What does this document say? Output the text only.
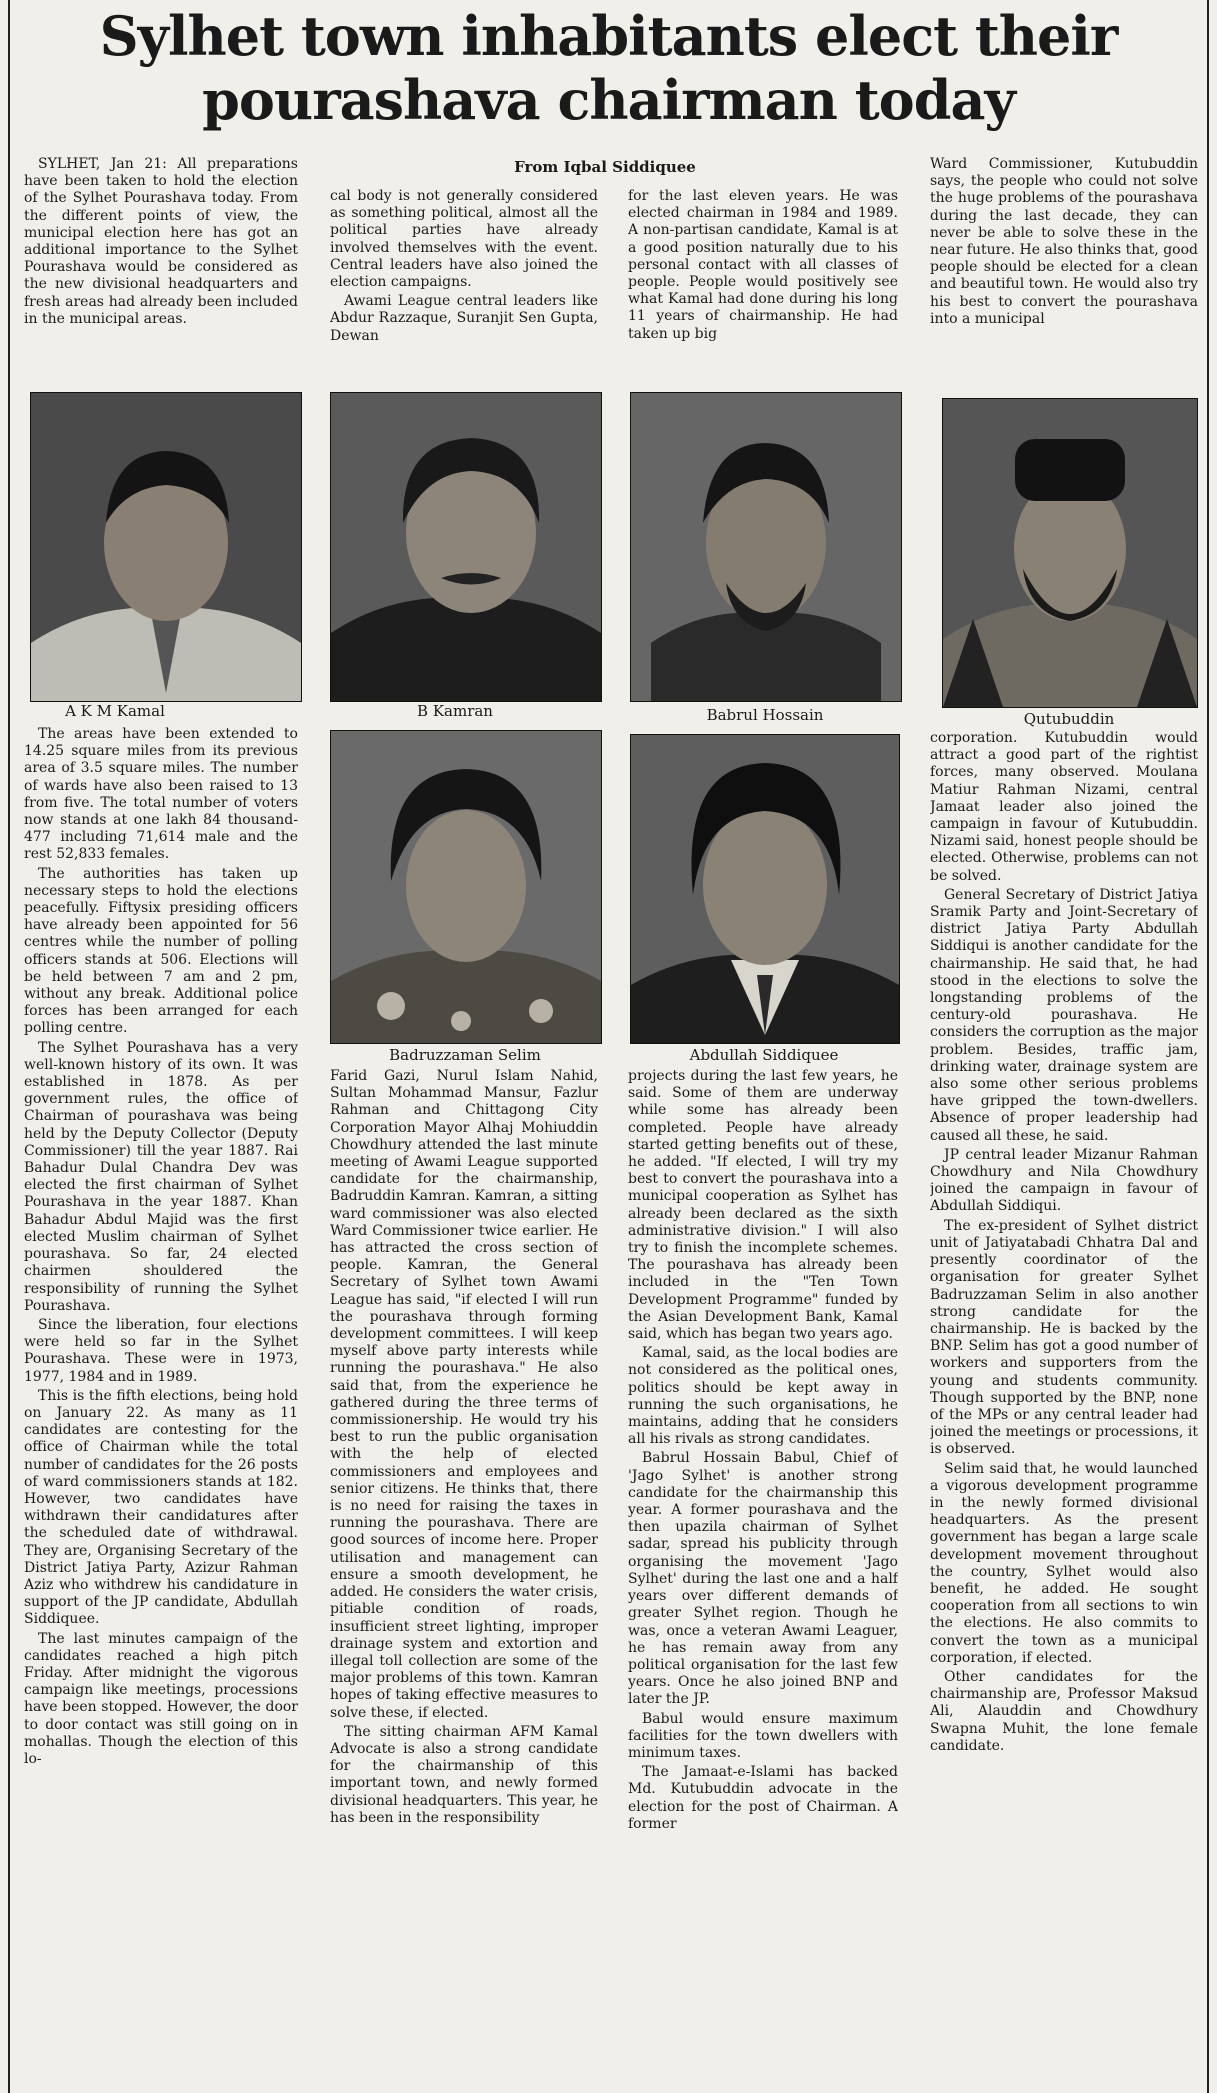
Sylhet town inhabitants elect their pourashava chairman today
From Iqbal Siddiquee

SYLHET, Jan 21: All preparations have been taken to hold the election of the Sylhet Pourashava today. From the different points of view, the municipal election here has got an additional importance to the Sylhet Pourashava would be considered as the new divisional headquarters and fresh areas had already been included in the municipal areas.

cal body is not generally considered as something political, almost all the political parties have already involved themselves with the event. Central leaders have also joined the election campaigns.

Awami League central leaders like Abdur Razzaque, Suranjit Sen Gupta, Dewan

for the last eleven years. He was elected chairman in 1984 and 1989. A non-partisan candidate, Kamal is at a good position naturally due to his personal contact with all classes of people. People would positively see what Kamal had done during his long 11 years of chairmanship. He had taken up big

Ward Commissioner, Kutubuddin says, the people who could not solve the huge problems of the pourashava during the last decade, they can never be able to solve these in the near future. He also thinks that, good people should be elected for a clean and beautiful town. He would also try his best to convert the pourashava into a municipal

A K M Kamal	B Kamran	Babrul Hossain	Qutubuddin
Badruzzaman Selim	Abdullah Siddiquee

The areas have been extended to 14.25 square miles from its previous area of 3.5 square miles. The number of wards have also been raised to 13 from five. The total number of voters now stands at one lakh 84 thousand-477 including 71,614 male and the rest 52,833 females.

The authorities has taken up necessary steps to hold the elections peacefully. Fiftysix presiding officers have already been appointed for 56 centres while the number of polling officers stands at 506. Elections will be held between 7 am and 2 pm, without any break. Additional police forces has been arranged for each polling centre.

The Sylhet Pourashava has a very well-known history of its own. It was established in 1878. As per government rules, the office of Chairman of pourashava was being held by the Deputy Collector (Deputy Commissioner) till the year 1887. Rai Bahadur Dulal Chandra Dev was elected the first chairman of Sylhet Pourashava in the year 1887. Khan Bahadur Abdul Majid was the first elected Muslim chairman of Sylhet pourashava. So far, 24 elected chairmen shouldered the responsibility of running the Sylhet Pourashava.

Since the liberation, four elections were held so far in the Sylhet Pourashava. These were in 1973, 1977, 1984 and in 1989.

This is the fifth elections, being hold on January 22. As many as 11 candidates are contesting for the office of Chairman while the total number of candidates for the 26 posts of ward commissioners stands at 182. However, two candidates have withdrawn their candidatures after the scheduled date of withdrawal. They are, Organising Secretary of the District Jatiya Party, Azizur Rahman Aziz who withdrew his candidature in support of the JP candidate, Abdullah Siddiquee.

The last minutes campaign of the candidates reached a high pitch Friday. After midnight the vigorous campaign like meetings, processions have been stopped. However, the door to door contact was still going on in mohallas. Though the election of this lo-

Farid Gazi, Nurul Islam Nahid, Sultan Mohammad Mansur, Fazlur Rahman and Chittagong City Corporation Mayor Alhaj Mohiuddin Chowdhury attended the last minute meeting of Awami League supported candidate for the chairmanship, Badruddin Kamran. Kamran, a sitting ward commissioner was also elected Ward Commissioner twice earlier. He has attracted the cross section of people. Kamran, the General Secretary of Sylhet town Awami League has said, "if elected I will run the pourashava through forming development committees. I will keep myself above party interests while running the pourashava." He also said that, from the experience he gathered during the three terms of commissionership. He would try his best to run the public organisation with the help of elected commissioners and employees and senior citizens. He thinks that, there is no need for raising the taxes in running the pourashava. There are good sources of income here. Proper utilisation and management can ensure a smooth development, he added. He considers the water crisis, pitiable condition of roads, insufficient street lighting, improper drainage system and extortion and illegal toll collection are some of the major problems of this town. Kamran hopes of taking effective measures to solve these, if elected.

The sitting chairman AFM Kamal Advocate is also a strong candidate for the chairmanship of this important town, and newly formed divisional headquarters. This year, he has been in the responsibility

projects during the last few years, he said. Some of them are underway while some has already been completed. People have already started getting benefits out of these, he added. "If elected, I will try my best to convert the pourashava into a municipal cooperation as Sylhet has already been declared as the sixth administrative division." I will also try to finish the incomplete schemes. The pourashava has already been included in the "Ten Town Development Programme" funded by the Asian Development Bank, Kamal said, which has began two years ago.

Kamal, said, as the local bodies are not considered as the political ones, politics should be kept away in running the such organisations, he maintains, adding that he considers all his rivals as strong candidates.

Babrul Hossain Babul, Chief of 'Jago Sylhet' is another strong candidate for the chairmanship this year. A former pourashava and the then upazila chairman of Sylhet sadar, spread his publicity through organising the movement 'Jago Sylhet' during the last one and a half years over different demands of greater Sylhet region. Though he was, once a veteran Awami Leaguer, he has remain away from any political organisation for the last few years. Once he also joined BNP and later the JP.

Babul would ensure maximum facilities for the town dwellers with minimum taxes.

The Jamaat-e-Islami has backed Md. Kutubuddin advocate in the election for the post of Chairman. A former

corporation. Kutubuddin would attract a good part of the rightist forces, many observed. Moulana Matiur Rahman Nizami, central Jamaat leader also joined the campaign in favour of Kutubuddin. Nizami said, honest people should be elected. Otherwise, problems can not be solved.

General Secretary of District Jatiya Sramik Party and Joint-Secretary of district Jatiya Party Abdullah Siddiqui is another candidate for the chairmanship. He said that, he had stood in the elections to solve the longstanding problems of the century-old pourashava. He considers the corruption as the major problem. Besides, traffic jam, drinking water, drainage system are also some other serious problems have gripped the town-dwellers. Absence of proper leadership had caused all these, he said.

JP central leader Mizanur Rahman Chowdhury and Nila Chowdhury joined the campaign in favour of Abdullah Siddiqui.

The ex-president of Sylhet district unit of Jatiyatabadi Chhatra Dal and presently coordinator of the organisation for greater Sylhet Badruzzaman Selim in also another strong candidate for the chairmanship. He is backed by the BNP. Selim has got a good number of workers and supporters from the young and students community. Though supported by the BNP, none of the MPs or any central leader had joined the meetings or processions, it is observed.

Selim said that, he would launched a vigorous development programme in the newly formed divisional headquarters. As the present government has began a large scale development movement throughout the country, Sylhet would also benefit, he added. He sought cooperation from all sections to win the elections. He also commits to convert the town as a municipal corporation, if elected.

Other candidates for the chairmanship are, Professor Maksud Ali, Alauddin and Chowdhury Swapna Muhit, the lone female candidate.
